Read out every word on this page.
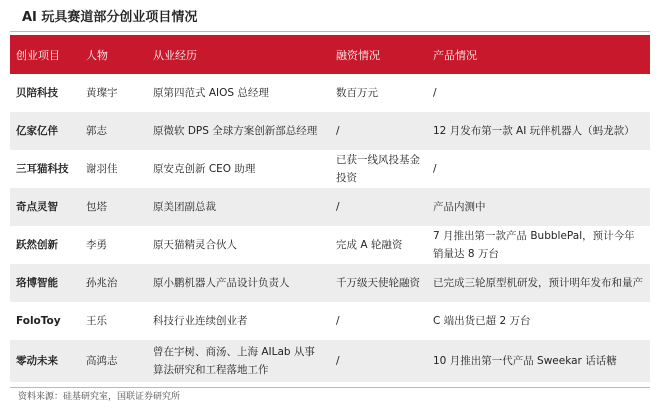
AI 玩具赛道部分创业项目情况
创业项目	人物	从业经历	融资情况	产品情况
贝陪科技	黄璨宇	原第四范式 AIOS 总经理	数百万元	/
亿家亿伴	郭志	原微软 DPS 全球方案创新部总经理	/	12 月发布第一款 AI 玩伴机器人（蚂龙款）
三耳猫科技	谢羽佳	原安克创新 CEO 助理	已获一线风投基金投资	/
奇点灵智	包塔	原美团副总裁	/	产品内测中
跃然创新	李勇	原天猫精灵合伙人	完成 A 轮融资	7 月推出第一款产品 BubblePal，预计今年销量达 8 万台
珞博智能	孙兆治	原小鹏机器人产品设计负责人	千万级天使轮融资	已完成三轮原型机研发，预计明年发布和量产
FoloToy	王乐	科技行业连续创业者	/	C 端出货已超 2 万台
零动未来	高鸿志	曾在宇树、商汤、上海 AILab 从事算法研究和工程落地工作	/	10 月推出第一代产品 Sweekar 话话糖
资料来源：硅基研究室，国联证券研究所
